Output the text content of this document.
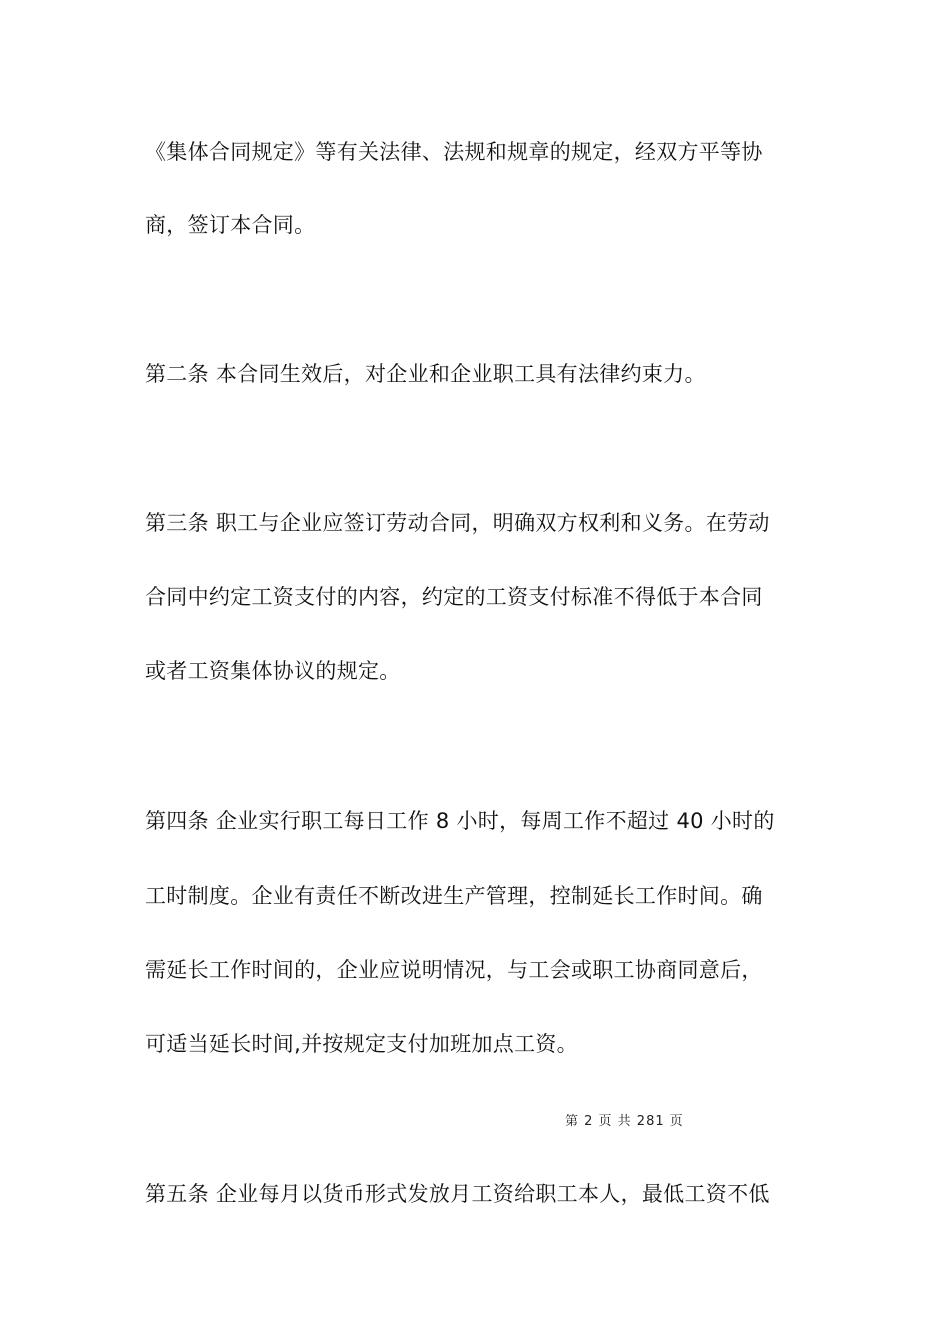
《集体合同规定》等有关法律、法规和规章的规定，经双方平等协

商，签订本合同。

第二条 本合同生效后，对企业和企业职工具有法律约束力。

第三条 职工与企业应签订劳动合同，明确双方权利和义务。在劳动

合同中约定工资支付的内容，约定的工资支付标准不得低于本合同

或者工资集体协议的规定。

第四条 企业实行职工每日工作 8 小时，每周工作不超过 40 小时的

工时制度。企业有责任不断改进生产管理，控制延长工作时间。确

需延长工作时间的，企业应说明情况，与工会或职工协商同意后，

可适当延长时间,并按规定支付加班加点工资。

第 2 页 共 281 页

第五条 企业每月以货币形式发放月工资给职工本人，最低工资不低
